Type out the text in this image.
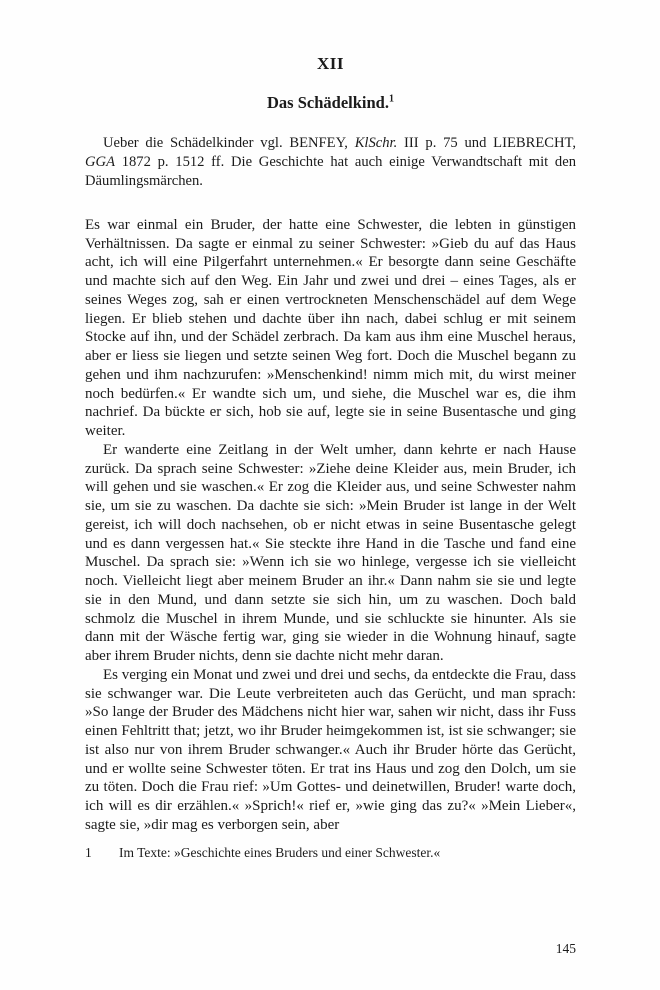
XII
Das Schädelkind.$^1$

Ueber die Schädelkinder vgl. BENFEY, KlSchr. III p. 75 und LIEBRECHT, GGA 1872 p. 1512 ff. Die Geschichte hat auch einige Verwandtschaft mit den Däumlingsmärchen.

Es war einmal ein Bruder, der hatte eine Schwester, die lebten in günstigen Verhältnissen. Da sagte er einmal zu seiner Schwester: »Gieb du auf das Haus acht, ich will eine Pilgerfahrt unternehmen.« Er besorgte dann seine Geschäfte und machte sich auf den Weg. Ein Jahr und zwei und drei – eines Tages, als er seines Weges zog, sah er einen vertrockneten Menschenschädel auf dem Wege liegen. Er blieb stehen und dachte über ihn nach, dabei schlug er mit seinem Stocke auf ihn, und der Schädel zerbrach. Da kam aus ihm eine Muschel heraus, aber er liess sie liegen und setzte seinen Weg fort. Doch die Muschel begann zu gehen und ihm nachzurufen: »Menschenkind! nimm mich mit, du wirst meiner noch bedürfen.« Er wandte sich um, und siehe, die Muschel war es, die ihm nachrief. Da bückte er sich, hob sie auf, legte sie in seine Busentasche und ging weiter.

Er wanderte eine Zeitlang in der Welt umher, dann kehrte er nach Hause zurück. Da sprach seine Schwester: »Ziehe deine Kleider aus, mein Bruder, ich will gehen und sie waschen.« Er zog die Kleider aus, und seine Schwester nahm sie, um sie zu waschen. Da dachte sie sich: »Mein Bruder ist lange in der Welt gereist, ich will doch nachsehen, ob er nicht etwas in seine Busentasche gelegt und es dann vergessen hat.« Sie steckte ihre Hand in die Tasche und fand eine Muschel. Da sprach sie: »Wenn ich sie wo hinlege, vergesse ich sie vielleicht noch. Vielleicht liegt aber meinem Bruder an ihr.« Dann nahm sie sie und legte sie in den Mund, und dann setzte sie sich hin, um zu waschen. Doch bald schmolz die Muschel in ihrem Munde, und sie schluckte sie hinunter. Als sie dann mit der Wäsche fertig war, ging sie wieder in die Wohnung hinauf, sagte aber ihrem Bruder nichts, denn sie dachte nicht mehr daran.

Es verging ein Monat und zwei und drei und sechs, da entdeckte die Frau, dass sie schwanger war. Die Leute verbreiteten auch das Gerücht, und man sprach: »So lange der Bruder des Mädchens nicht hier war, sahen wir nicht, dass ihr Fuss einen Fehltritt that; jetzt, wo ihr Bruder heimgekommen ist, ist sie schwanger; sie ist also nur von ihrem Bruder schwanger.« Auch ihr Bruder hörte das Gerücht, und er wollte seine Schwester töten. Er trat ins Haus und zog den Dolch, um sie zu töten. Doch die Frau rief: »Um Gottes- und deinetwillen, Bruder! warte doch, ich will es dir erzählen.« »Sprich!« rief er, »wie ging das zu?« »Mein Lieber«, sagte sie, »dir mag es verborgen sein, aber

1 Im Texte: »Geschichte eines Bruders und einer Schwester.«
145
